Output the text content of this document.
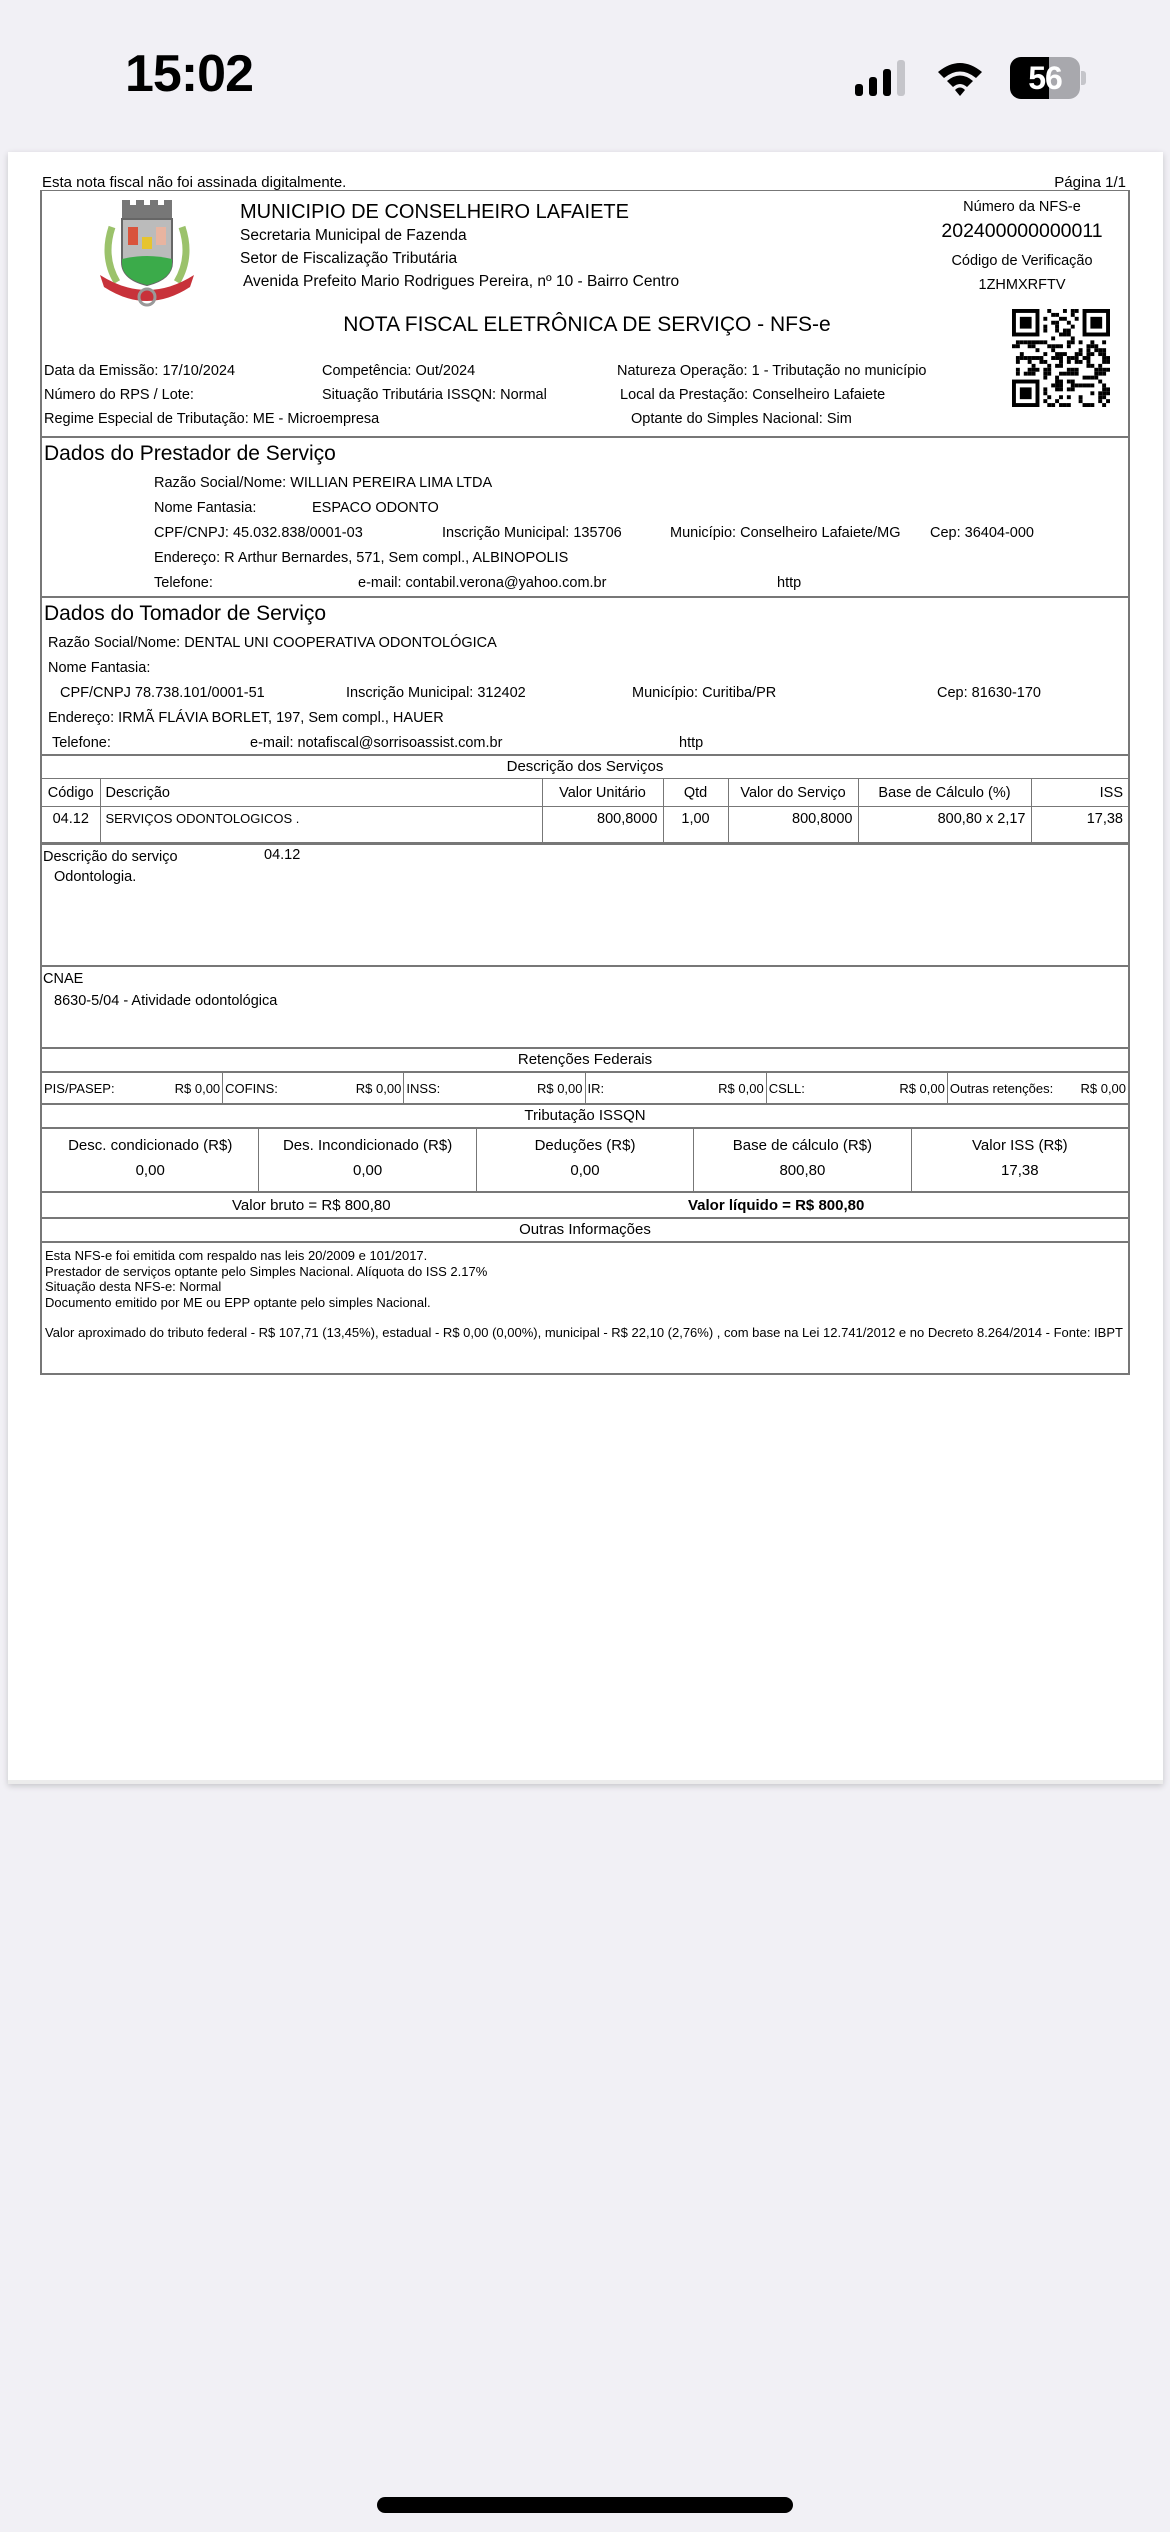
15:02	56
Esta nota fiscal não foi assinada digitalmente.	Página 1/1
MUNICIPIO DE CONSELHEIRO LAFAIETE
Secretaria Municipal de Fazenda
Setor de Fiscalização Tributária
Avenida Prefeito Mario Rodrigues Pereira, nº 10 - Bairro Centro
Número da NFS-e
202400000000011
Código de Verificação
1ZHMXRFTV
NOTA FISCAL ELETRÔNICA DE SERVIÇO - NFS-e
Data da Emissão: 17/10/2024	Competência: Out/2024	Natureza Operação: 1 - Tributação no município
Número do RPS / Lote:	Situação Tributária ISSQN: Normal	Local da Prestação: Conselheiro Lafaiete
Regime Especial de Tributação: ME - Microempresa	Optante do Simples Nacional: Sim
Dados do Prestador de Serviço
Razão Social/Nome: WILLIAN PEREIRA LIMA LTDA
Nome Fantasia:	ESPACO ODONTO
CPF/CNPJ: 45.032.838/0001-03	Inscrição Municipal: 135706	Município: Conselheiro Lafaiete/MG Cep: 36404-000
Endereço: R Arthur Bernardes, 571, Sem compl., ALBINOPOLIS
Telefone:	e-mail: contabil.verona@yahoo.com.br	http
Dados do Tomador de Serviço
Razão Social/Nome: DENTAL UNI COOPERATIVA ODONTOLÓGICA
Nome Fantasia:
CPF/CNPJ 78.738.101/0001-51	Inscrição Municipal: 312402	Município: Curitiba/PR	Cep: 81630-170
Endereço: IRMÃ FLÁVIA BORLET, 197, Sem compl., HAUER
Telefone:	e-mail: notafiscal@sorrisoassist.com.br	http
Descrição dos Serviços
Código	Descrição	Valor Unitário	Qtd	Valor do Serviço	Base de Cálculo (%)	ISS
04.12	SERVIÇOS ODONTOLOGICOS .	800,8000	1,00	800,8000	800,80 x 2,17	17,38
Descrição do serviço	04.12
Odontologia.
CNAE
8630-5/04 - Atividade odontológica
Retenções Federais
PIS/PASEP:	R$ 0,00 COFINS:	R$ 0,00 INSS:	R$ 0,00 IR:	R$ 0,00 CSLL:	R$ 0,00 Outras retenções: R$ 0,00
Tributação ISSQN
Desc. condicionado (R$)
0,00
Des. Incondicionado (R$)
0,00
Deduções (R$)
0,00
Base de cálculo (R$)
800,80
Valor ISS (R$)
17,38
Valor bruto = R$ 800,80	Valor líquido = R$ 800,80
Outras Informações
Esta NFS-e foi emitida com respaldo nas leis 20/2009 e 101/2017.
Prestador de serviços optante pelo Simples Nacional. Alíquota do ISS 2.17%
Situação desta NFS-e: Normal
Documento emitido por ME ou EPP optante pelo simples Nacional.
Valor aproximado do tributo federal - R$ 107,71 (13,45%), estadual - R$ 0,00 (0,00%), municipal - R$ 22,10 (2,76%) , com base na Lei 12.741/2012 e no Decreto 8.264/2014 - Fonte: IBPT
